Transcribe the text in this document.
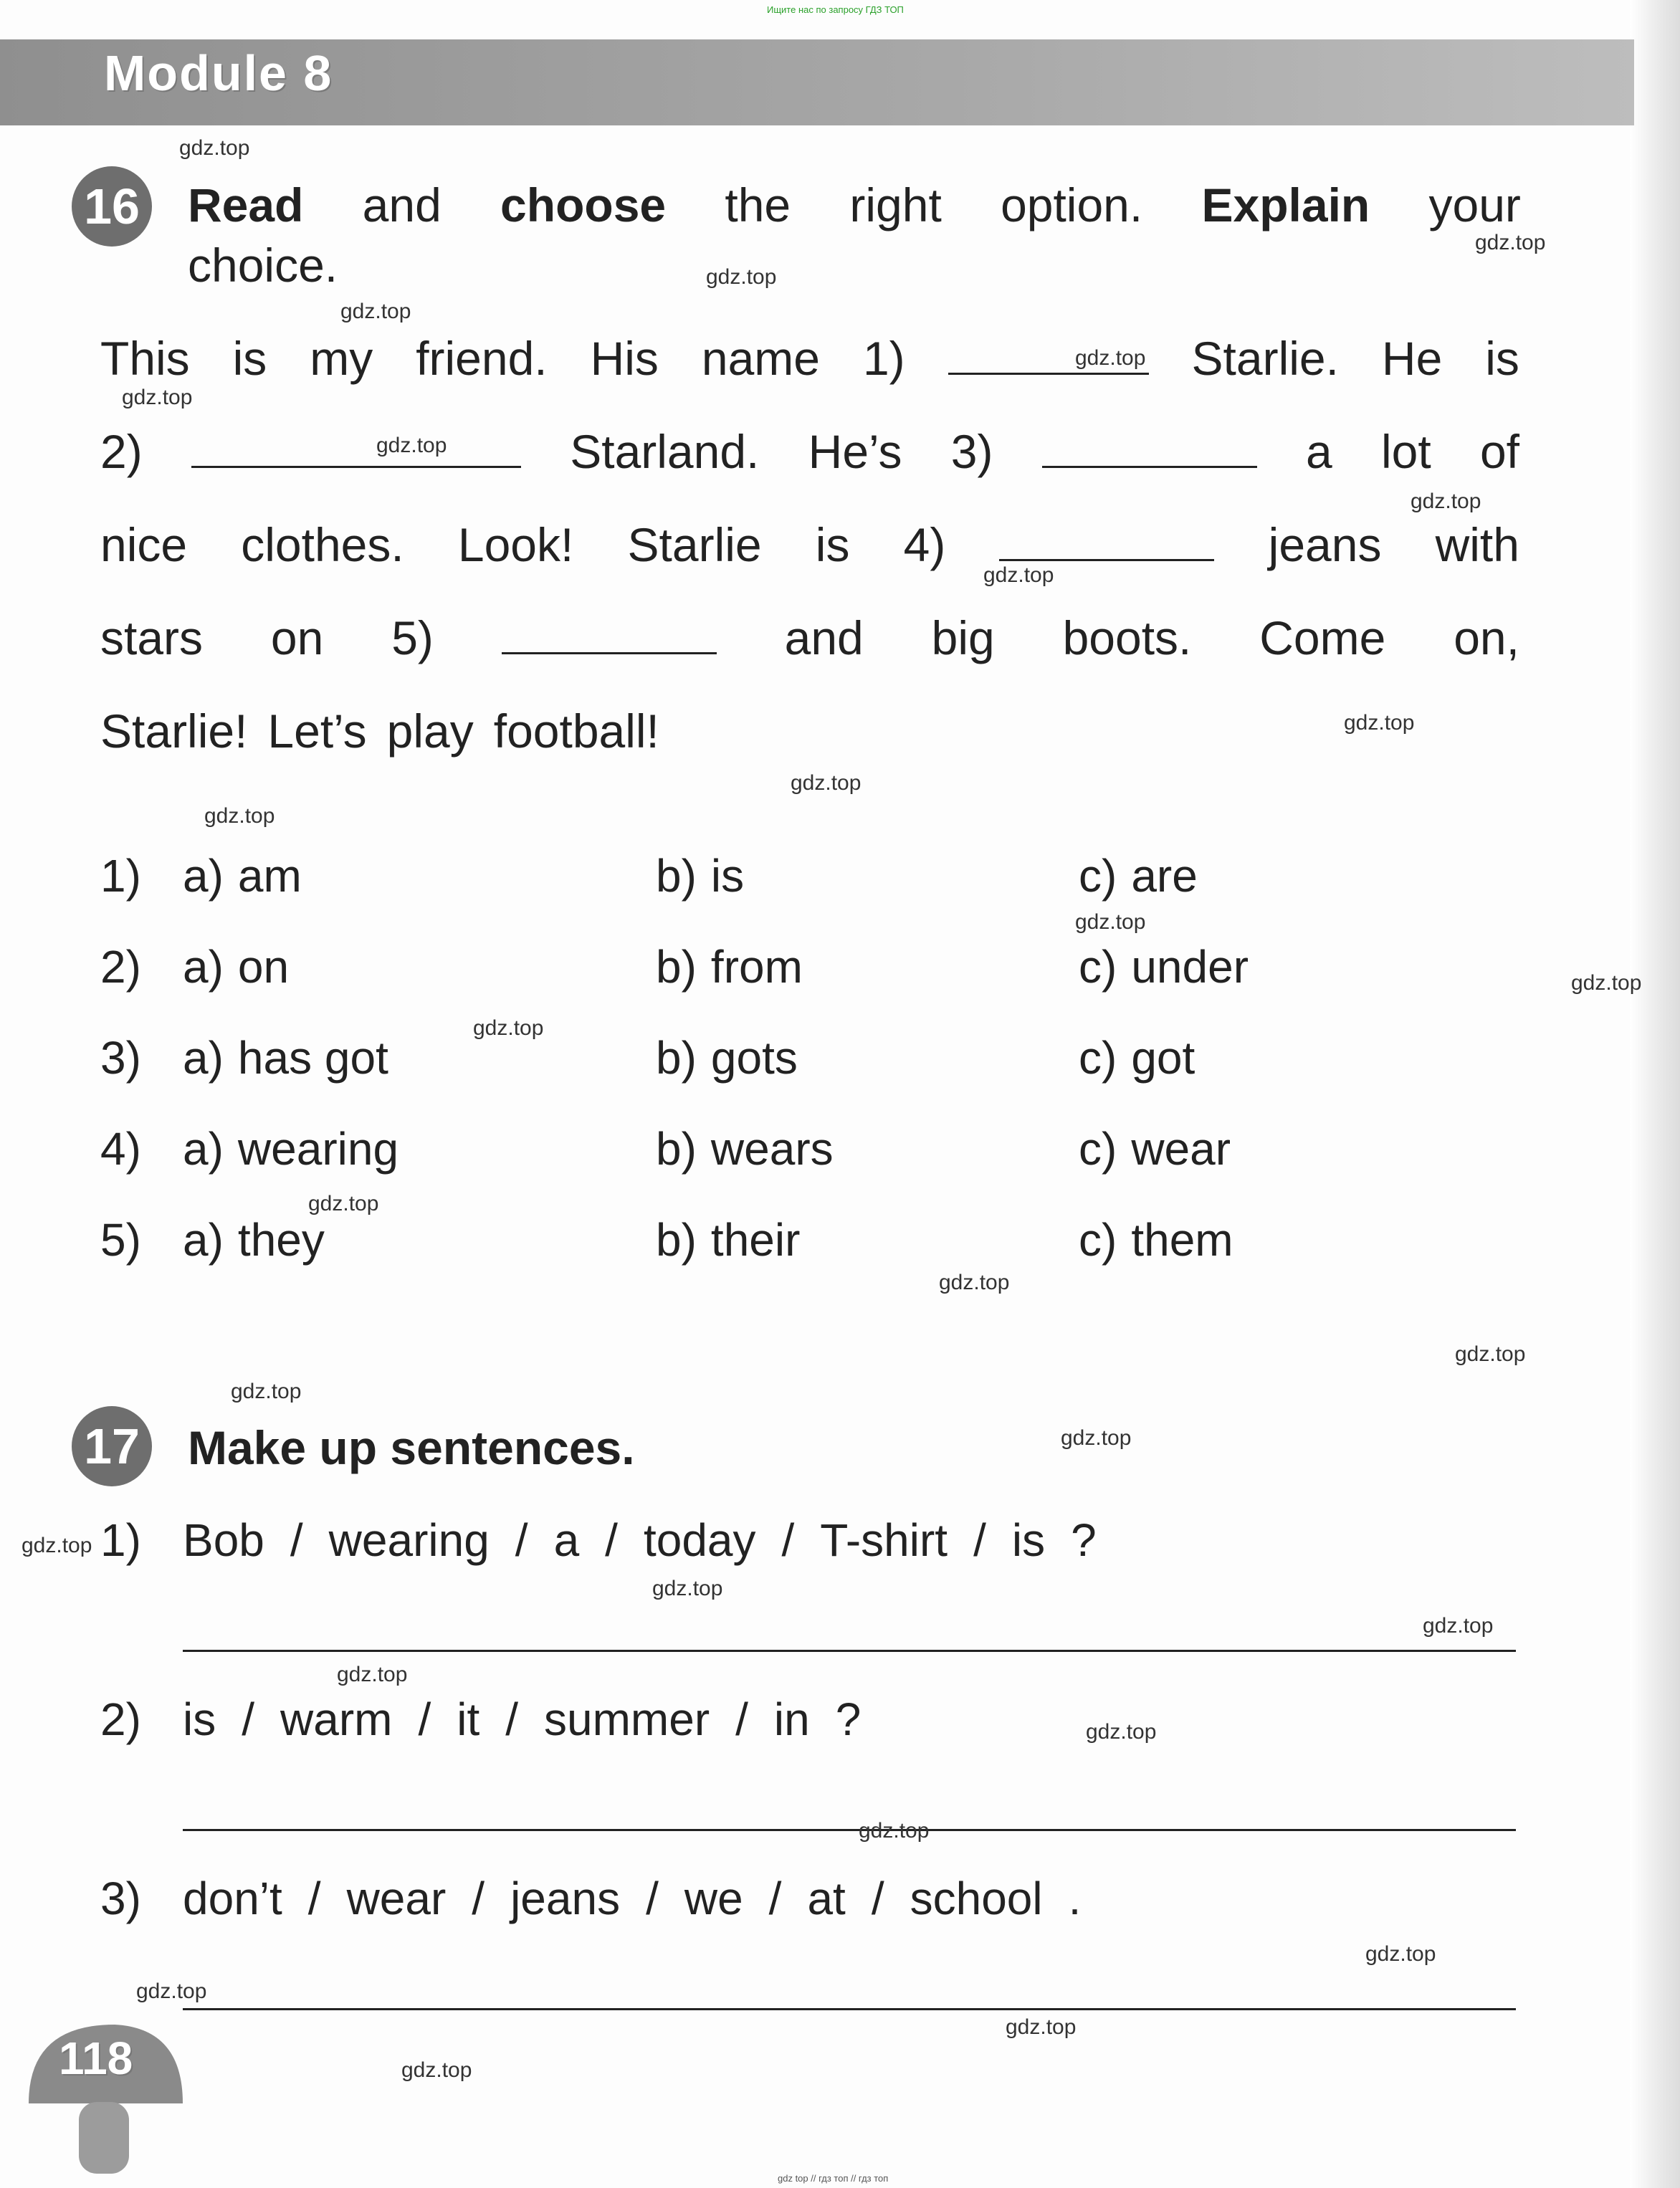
Ищите нас по запросу ГДЗ ТОП
Module 8
16 Read and choose the right option. Explain your
choice.
This is my friend. His name 1)	Starlie. He is
2)	Starland. He’s 3)	a lot of
nice clothes. Look! Starlie is 4)	jeans with
stars on 5)	and big boots. Come on,
Starlie! Let’s play football!
1) a) am	b) is	c) are
2) a) on	b) from	c) under
3) a) has got	b) gots	c) got
4) a) wearing	b) wears	c) wear
5) a) they	b) their	c) them
17 Make up sentences.
1) Bob / wearing / a / today / T-shirt / is ?
2) is / warm / it / summer / in ?
3) don’t / wear / jeans / we / at / school .
118
gdz.top
gdz.top
gdz.top
gdz.top
gdz.top
gdz.top
gdz.top
gdz.top
gdz.top
gdz.top
gdz.top
gdz.top
gdz.top
gdz.top
gdz.top
gdz.top
gdz.top
gdz.top
gdz.top
gdz.top
gdz.top
gdz.top
gdz.top
gdz.top
gdz.top
gdz.top
gdz.top
gdz.top
gdz.top
gdz.top
gdz top // гдз топ // гдз топ
